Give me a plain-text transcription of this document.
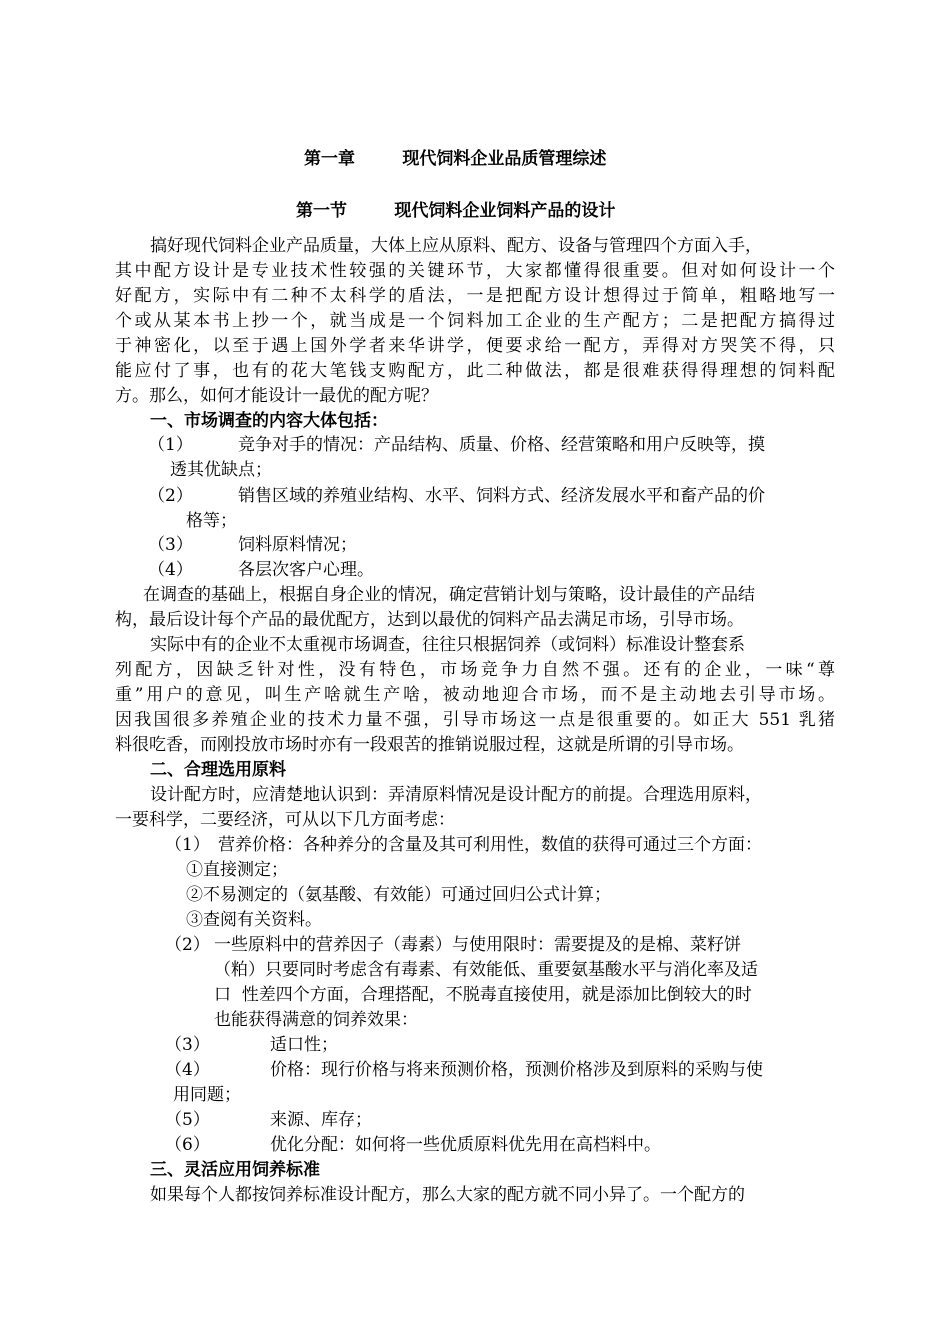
第一章        现代饲料企业品质管理综述
第一节        现代饲料企业饲料产品的设计
搞好现代饲料企业产品质量，大体上应从原料、配方、设备与管理四个方面入手，
其中配方设计是专业技术性较强的关键环节，大家都懂得很重要。但对如何设计一个
好配方，实际中有二种不太科学的盾法，一是把配方设计想得过于简单，粗略地写一
个或从某本书上抄一个，就当成是一个饲料加工企业的生产配方；二是把配方搞得过
于神密化，以至于遇上国外学者来华讲学，便要求给一配方，弄得对方哭笑不得，只
能应付了事，也有的花大笔钱支购配方，此二种做法，都是很难获得得理想的饲料配
方。那么，如何才能设计一最优的配方呢？
一、市场调查的内容大体包括：
（1）	竞争对手的情况：产品结构、质量、价格、经营策略和用户反映等，摸
透其优缺点；
（2）	销售区域的养殖业结构、水平、饲料方式、经济发展水平和畜产品的价
格等；
（3）	饲料原料情况；
（4）	各层次客户心理。
在调查的基础上，根据自身企业的情况，确定营销计划与策略，设计最佳的产品结
构，最后设计每个产品的最优配方，达到以最优的饲料产品去满足市场，引导市场。
实际中有的企业不太重视市场调查，往往只根据饲养（或饲料）标准设计整套系
列配方，因缺乏针对性，没有特色，市场竞争力自然不强。还有的企业，一味“尊
重”用户的意见，叫生产啥就生产啥，被动地迎合市场，而不是主动地去引导市场。
因我国很多养殖企业的技术力量不强，引导市场这一点是很重要的。如正大 551 乳猪
料很吃香，而刚投放市场时亦有一段艰苦的推销说服过程，这就是所谓的引导市场。
二、合理选用原料
设计配方时，应清楚地认识到：弄清原料情况是设计配方的前提。合理选用原料，
一要科学，二要经济，可从以下几方面考虑：
（1） 营养价格：各种养分的含量及其可利用性，数值的获得可通过三个方面：
①直接测定；
②不易测定的（氨基酸、有效能）可通过回归公式计算；
③查阅有关资料。
（2） 一些原料中的营养因子（毒素）与使用限时：需要提及的是棉、菜籽饼
（粕）只要同时考虑含有毒素、有效能低、重要氨基酸水平与消化率及适
口  性差四个方面，合理搭配，不脱毒直接使用，就是添加比倒较大的时
也能获得满意的饲养效果：
（3）	适口性；
（4）	价格：现行价格与将来预测价格，预测价格涉及到原料的采购与使
用同题；
（5）	来源、库存；
（6）	优化分配：如何将一些优质原料优先用在高档料中。
三、灵活应用饲养标准
如果每个人都按饲养标准设计配方，那么大家的配方就不同小异了。一个配方的
